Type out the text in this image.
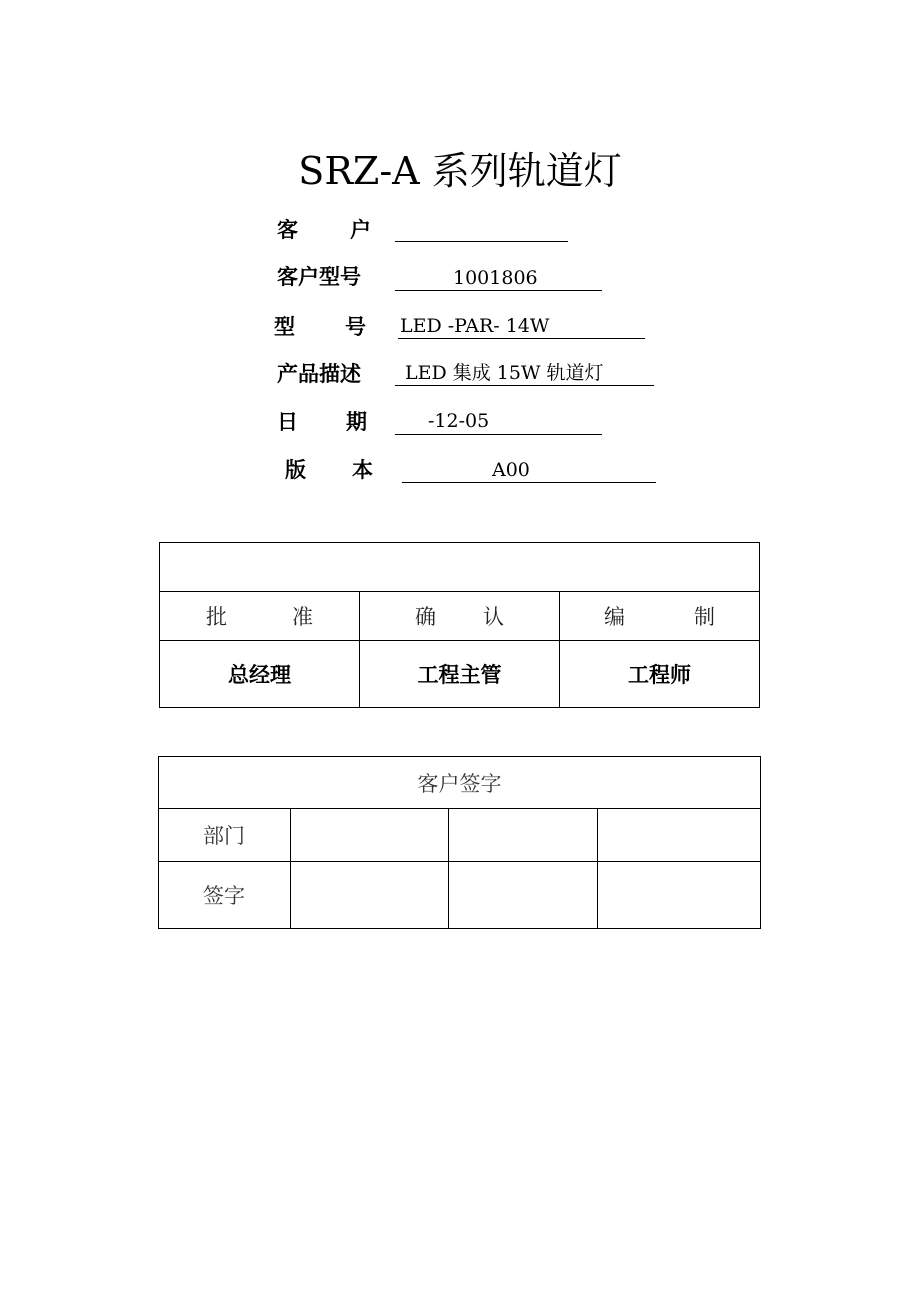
SRZ-A 系列轨道灯
客 户
客户型号	1001806
型 号 LED -PAR- 14W
产品描述 LED 集成 15W 轨道灯
日 期	-12-05
版 本	A00

批 准	确 认	编 制

总经理	工程主管	工程师
客户签字			
部门			
签字			
